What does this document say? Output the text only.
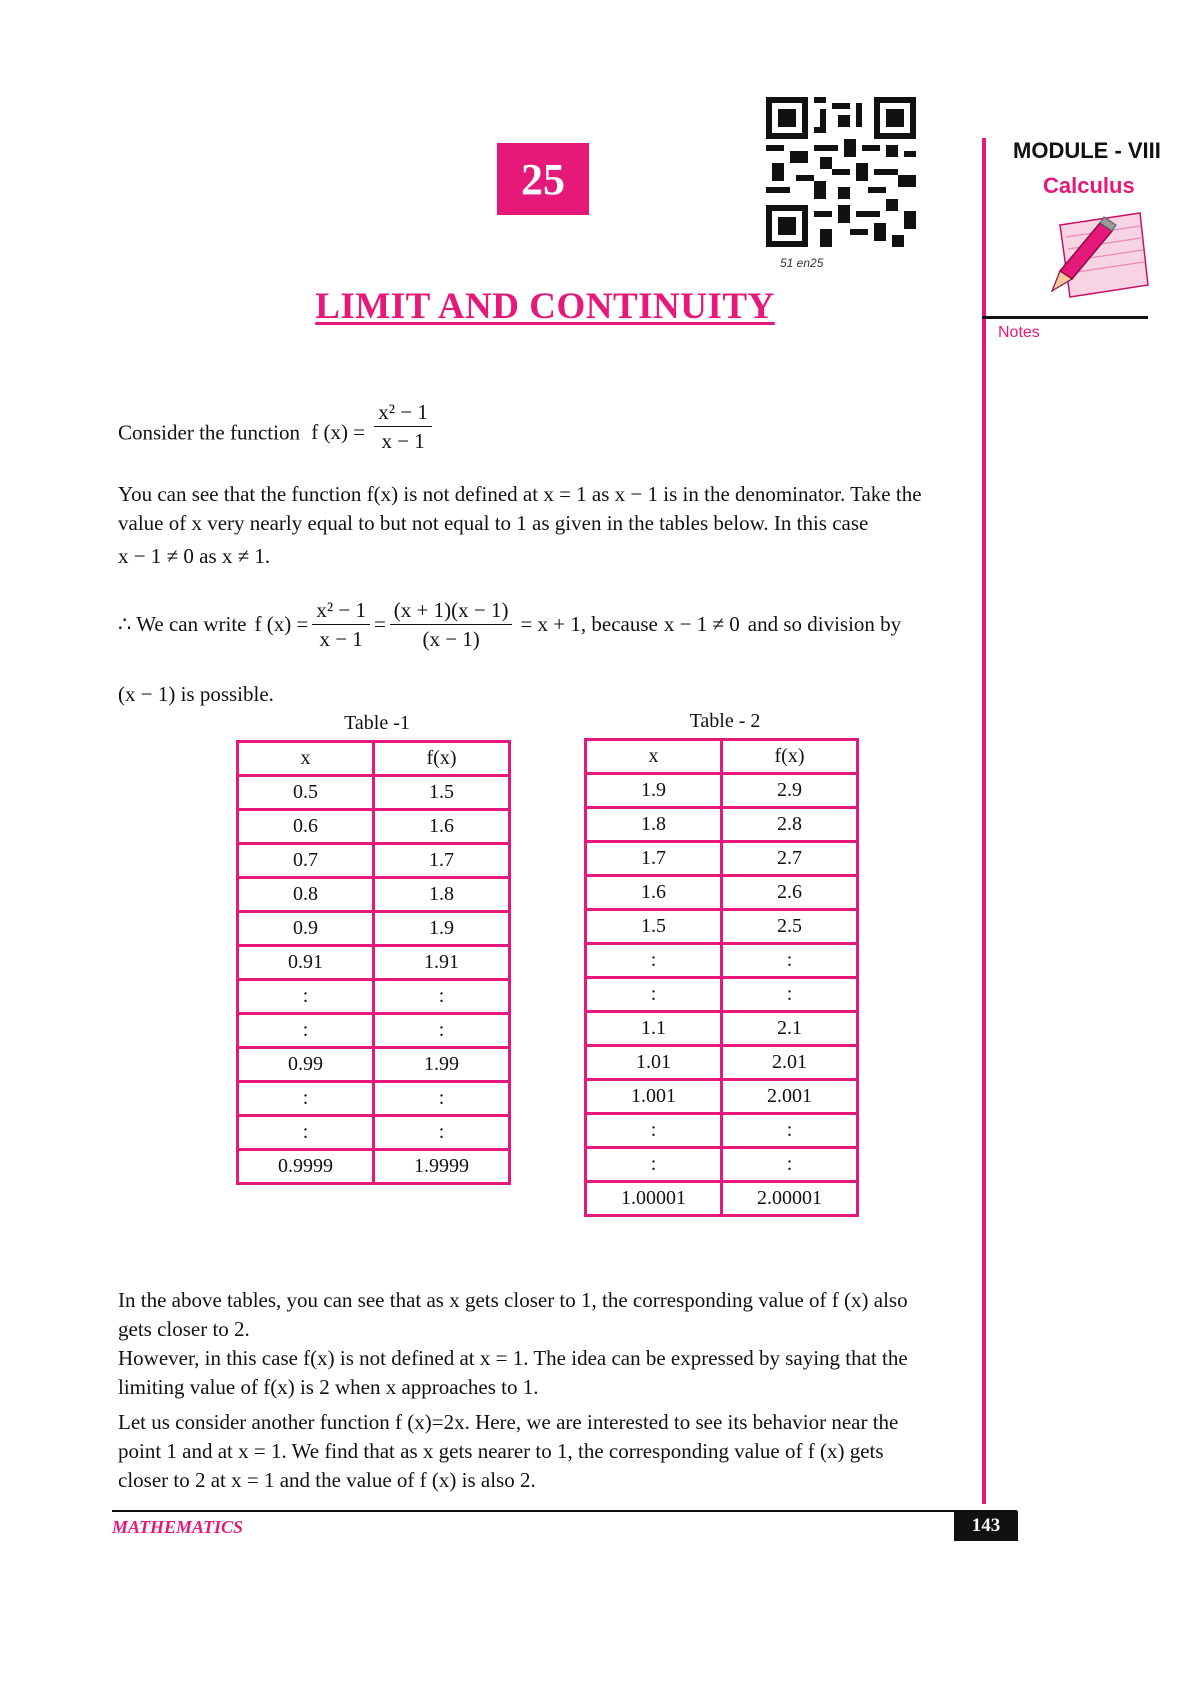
25
51 en25
LIMIT AND CONTINUITY
MODULE - VIII
Calculus
Notes
Consider the function f $(x) = \frac{\text{x² − 1}}{x - 1}$
You can see that the function f(x) is not defined at x = 1 as x − 1 is in the denominator. Take the
value of x very nearly equal to but not equal to 1 as given in the tables below. In this case
x − 1 ≠ 0 as x ≠ 1.
∴ We can write f $(x) = \frac{\text{x² − 1}}{x - 1} = \frac{(x + 1)(x - 1)}{(x - 1)} = x + 1$, because x − 1 ≠ 0 and so division by
(x − 1) is possible.
Table -1
x	f(x)
0.5	1.5
0.6	1.6
0.7	1.7
0.8	1.8
0.9	1.9
0.91	1.91
:	:
:	:
0.99	1.99
:	:
:	:
0.9999	1.9999
Table - 2
x	f(x)
1.9	2.9
1.8	2.8
1.7	2.7
1.6	2.6
1.5	2.5
:	:
:	:
1.1	2.1
1.01	2.01
1.001	2.001
:	:
:	:
1.00001	2.00001
In the above tables, you can see that as x gets closer to 1, the corresponding value of f (x) also
gets closer to 2.
However, in this case f(x) is not defined at x = 1. The idea can be expressed by saying that the
limiting value of f(x) is 2 when x approaches to 1.
Let us consider another function f (x)=2x. Here, we are interested to see its behavior near the
point 1 and at x = 1. We find that as x gets nearer to 1, the corresponding value of f (x) gets
closer to 2 at x = 1 and the value of f (x) is also 2.
MATHEMATICS	143
